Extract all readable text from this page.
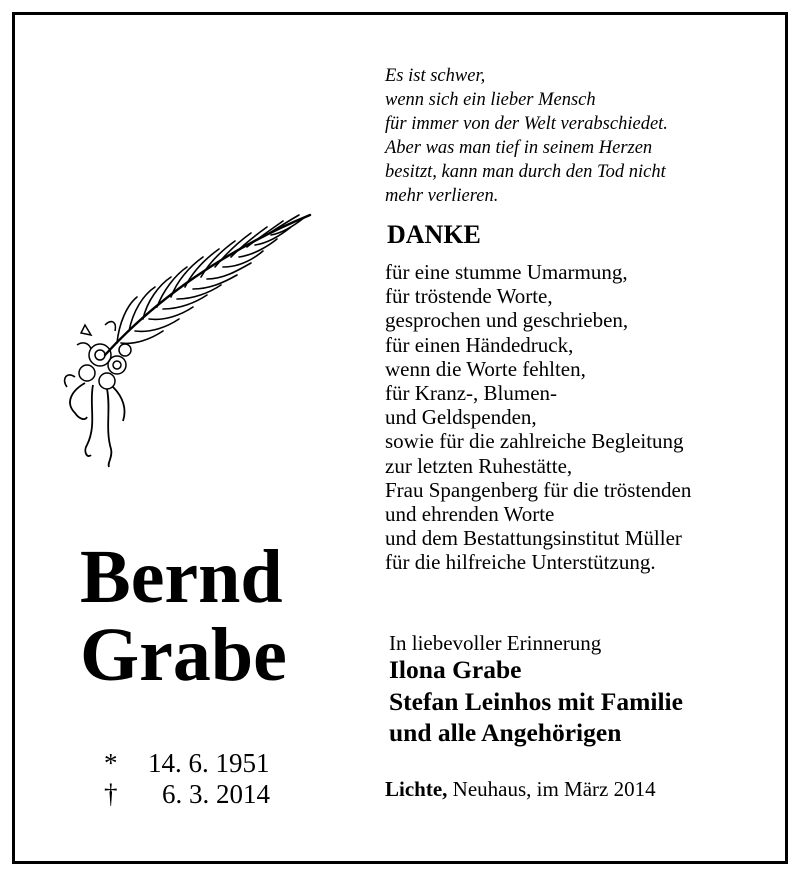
Es ist schwer,
wenn sich ein lieber Mensch
für immer von der Welt verabschiedet.
Aber was man tief in seinem Herzen
besitzt, kann man durch den Tod nicht
mehr verlieren.
DANKE
für eine stumme Umarmung,
für tröstende Worte,
gesprochen und geschrieben,
für einen Händedruck,
wenn die Worte fehlten,
für Kranz-, Blumen-
und Geldspenden,
sowie für die zahlreiche Begleitung
zur letzten Ruhestätte,
Frau Spangenberg für die tröstenden
und ehrenden Worte
und dem Bestattungsinstitut Müller
für die hilfreiche Unterstützung.
In liebevoller Erinnerung
Ilona Grabe
Stefan Leinhos mit Familie
und alle Angehörigen
Lichte, Neuhaus, im März 2014
Bernd
Grabe
*	14. 6. 1951
†	6. 3. 2014
